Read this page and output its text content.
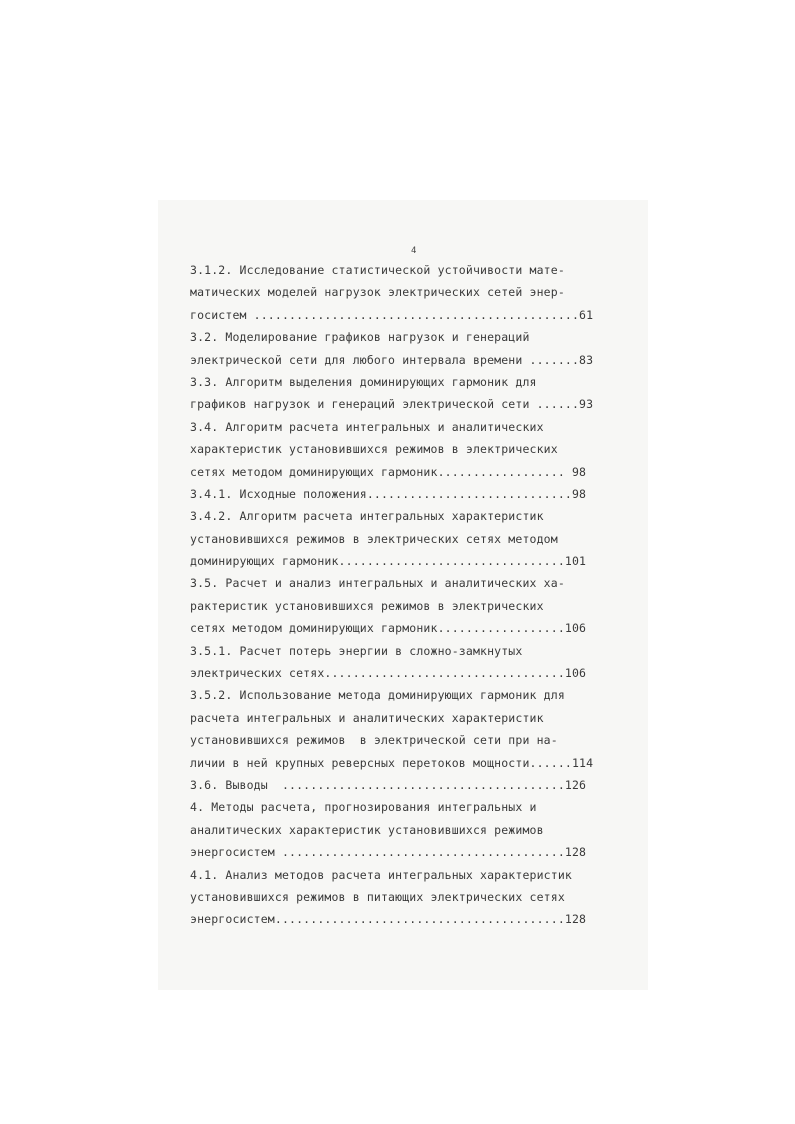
4
3.1.2. Исследование статистической устойчивости мате-
матических моделей нагрузок электрических сетей энер-
госистем ..............................................61
3.2. Моделирование графиков нагрузок и генераций
электрической сети для любого интервала времени .......83
3.3. Алгоритм выделения доминирующих гармоник для
графиков нагрузок и генераций электрической сети ......93
3.4. Алгоритм расчета интегральных и аналитических
характеристик установившихся режимов в электрических
сетях методом доминирующих гармоник.................. 98
3.4.1. Исходные положения.............................98
3.4.2. Алгоритм расчета интегральных характеристик
установившихся режимов в электрических сетях методом
доминирующих гармоник................................101
3.5. Расчет и анализ интегральных и аналитических ха-
рактеристик установившихся режимов в электрических
сетях методом доминирующих гармоник..................106
3.5.1. Расчет потерь энергии в сложно-замкнутых
электрических сетях..................................106
3.5.2. Использование метода доминирующих гармоник для
расчета интегральных и аналитических характеристик
установившихся режимов  в электрической сети при на-
личии в ней крупных реверсных перетоков мощности......114
3.6. Выводы  ........................................126
4. Методы расчета, прогнозирования интегральных и
аналитических характеристик установившихся режимов
энергосистем ........................................128
4.1. Анализ методов расчета интегральных характеристик
установившихся режимов в питающих электрических сетях
энергосистем.........................................128
